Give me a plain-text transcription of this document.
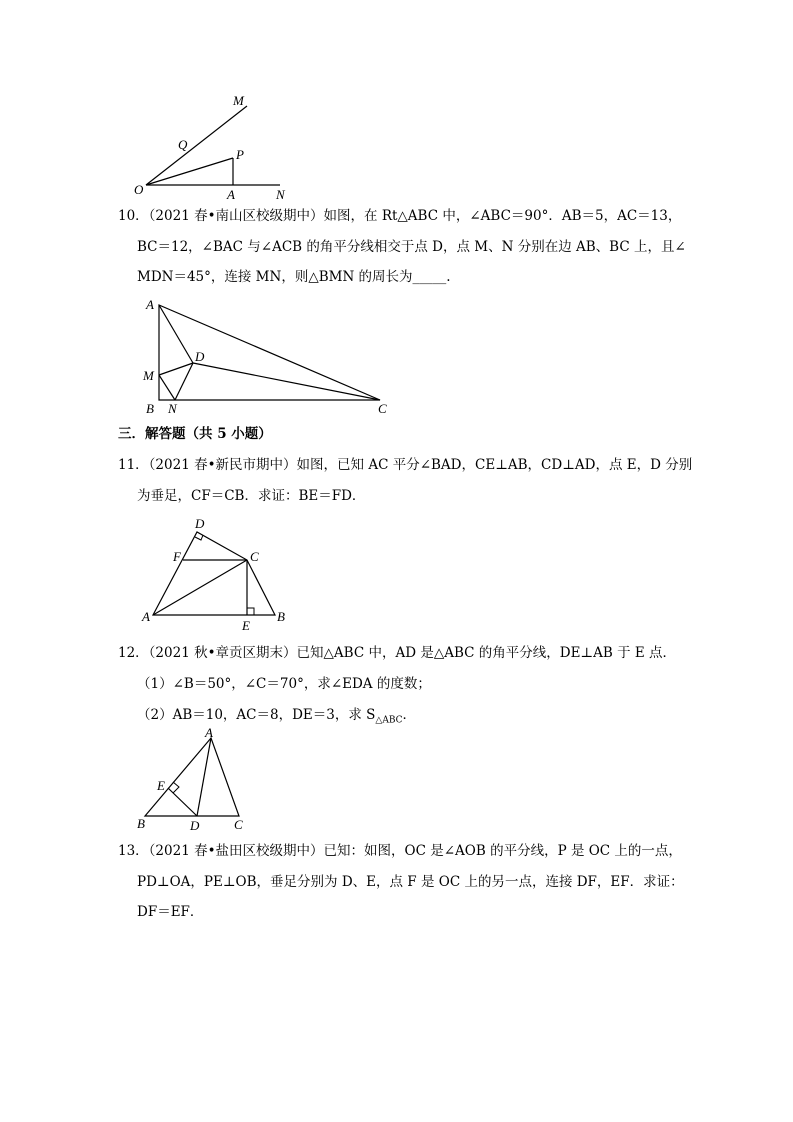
M
Q
P
O	A	N
10．（2021 春•南山区校级期中）如图，在 Rt△ABC 中，∠ABC＝90°．AB＝5，AC＝13，
BC＝12，∠BAC 与∠ACB 的角平分线相交于点 D，点 M、N 分别在边 AB、BC 上，且∠
MDN＝45°，连接 MN，则△BMN 的周长为_____.
A
D
M
B N	C
三．解答题（共 5 小题）
11．（2021 春•新民市期中）如图，已知 AC 平分∠BAD，CE⊥AB，CD⊥AD，点 E，D 分别
为垂足，CF＝CB．求证：BE＝FD．
D
F	C
A
E
B
12．（2021 秋•章贡区期末）已知△ABC 中，AD 是△ABC 的角平分线，DE⊥AB 于 E 点．
（1）∠B＝50°，∠C＝70°，求∠EDA 的度数；
（2）AB＝10，AC＝8，DE＝3，求 $S_{\triangle ABC}$．
A
E
B	D	C
13．（2021 春•盐田区校级期中）已知：如图，OC 是∠AOB 的平分线，P 是 OC 上的一点，
PD⊥OA，PE⊥OB，垂足分别为 D、E，点 F 是 OC 上的另一点，连接 DF，EF．求证：
DF＝EF．
